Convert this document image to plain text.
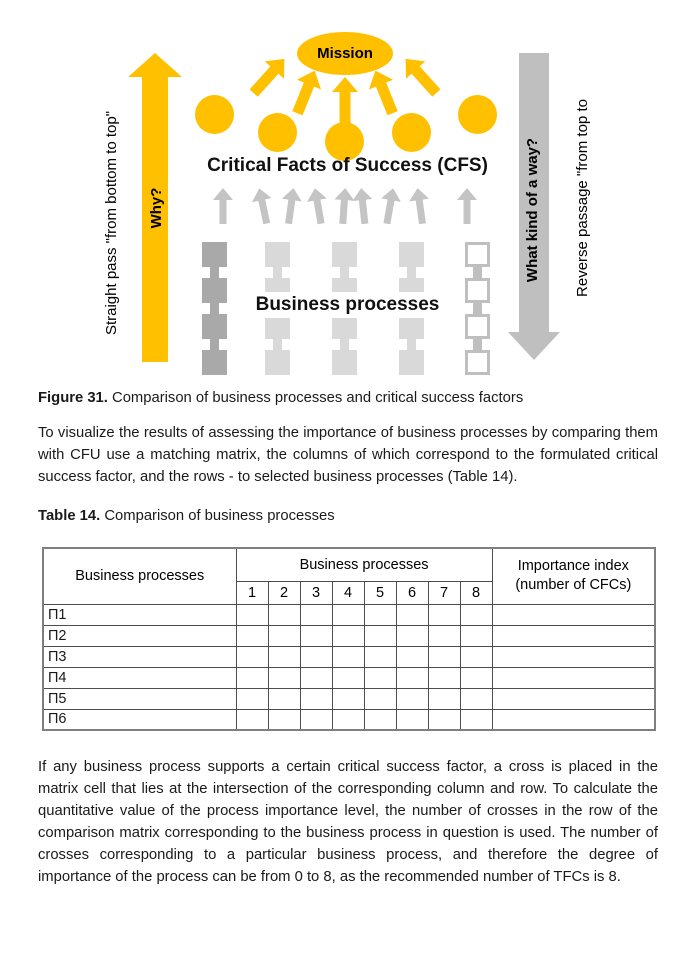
Straight pass "from bottom to top" Why?
Mission
Critical Facts of Success (CFS)
Business processes
What kind of a way? Reverse passage "from top to

Figure 31. Comparison of business processes and critical success factors

To visualize the results of assessing the importance of business processes by comparing them with CFU use a matching matrix, the columns of which correspond to the formulated critical success factor, and the rows - to selected business processes (Table 14).

Table 14. Comparison of business processes

Business processes	Business processes								Importance index
(number of CFCs)

	1	2	3	4	5	6	7	8	
П1									
П2									
П3									
П4									
П5									
П6									

If any business process supports a certain critical success factor, a cross is placed in the matrix cell that lies at the intersection of the corresponding column and row. To calculate the quantitative value of the process importance level, the number of crosses in the row of the comparison matrix corresponding to the business process in question is used. The number of crosses corresponding to a particular business process, and therefore the degree of importance of the process can be from 0 to 8, as the recommended number of TFCs is 8.
